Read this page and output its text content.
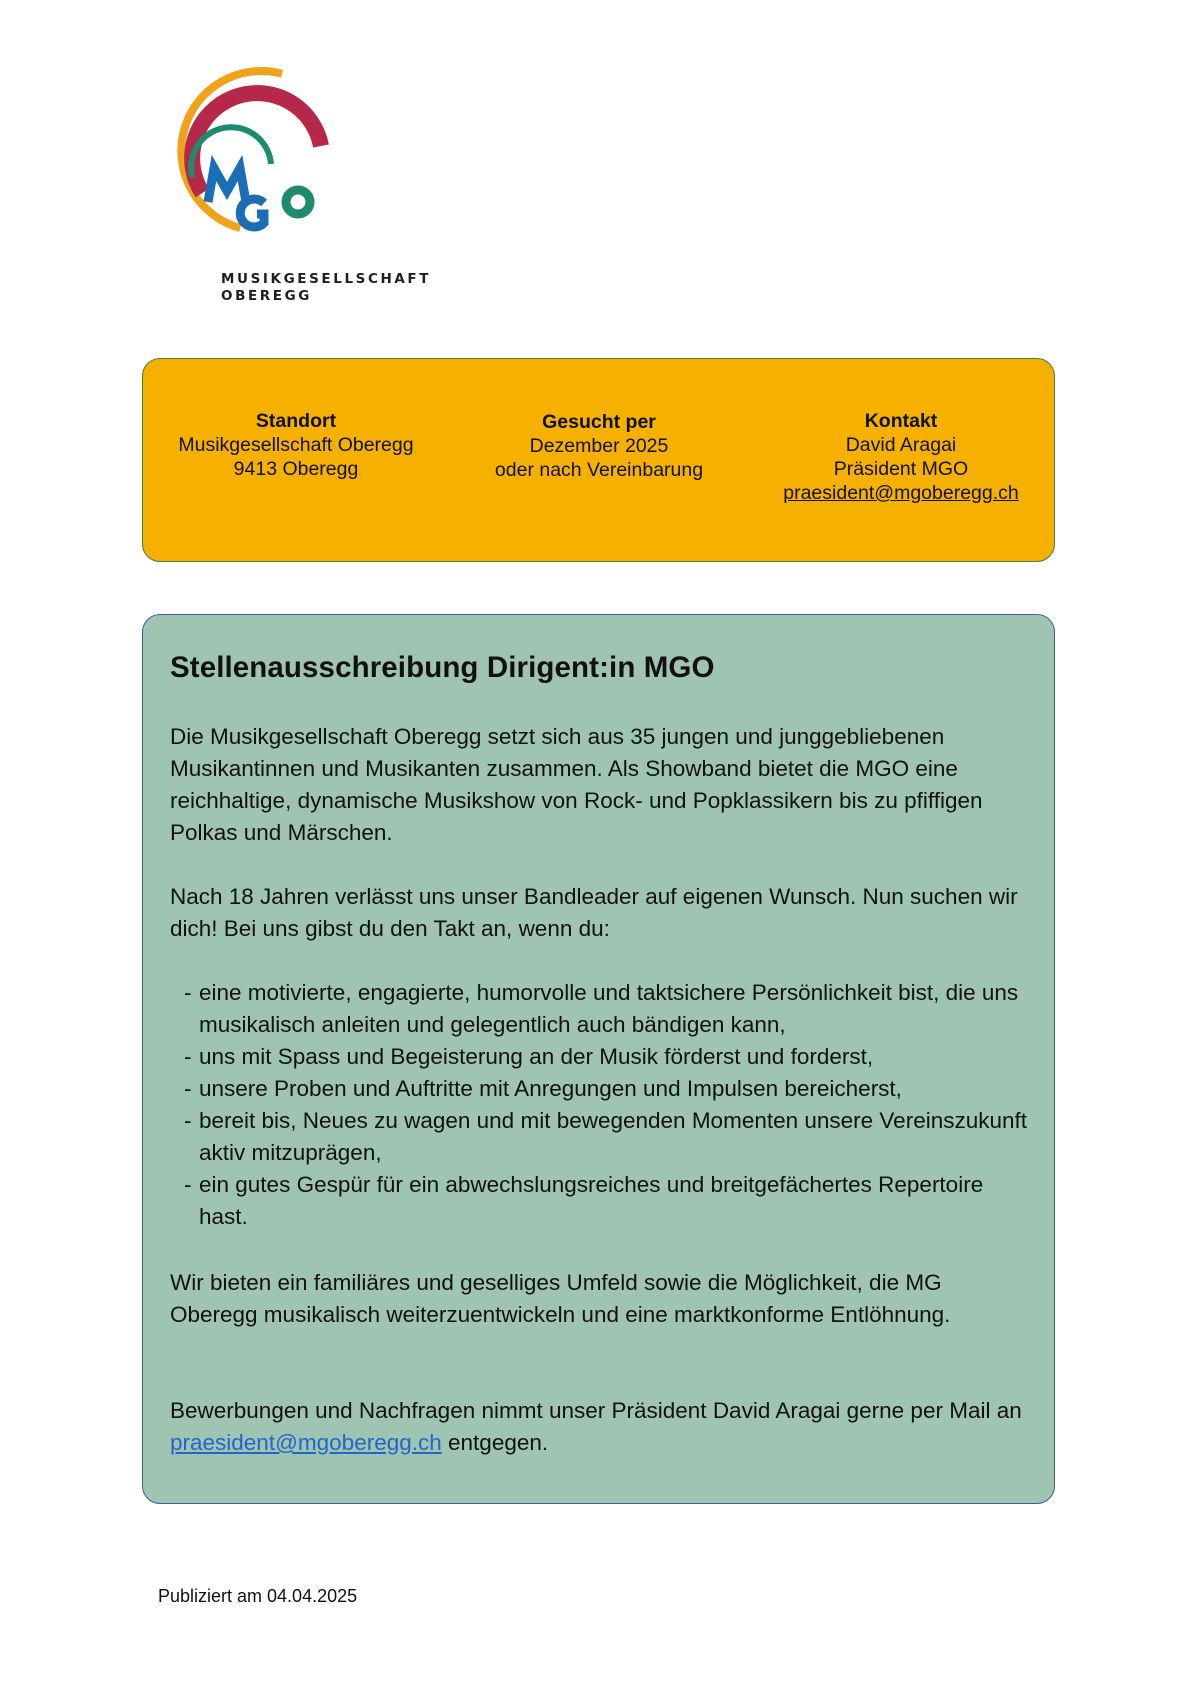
MUSIKGESELLSCHAFT
OBEREGG
Standort
Musikgesellschaft Oberegg
9413 Oberegg
Gesucht per
Dezember 2025
oder nach Vereinbarung
Kontakt
David Aragai
Präsident MGO
praesident@mgoberegg.ch
Stellenausschreibung Dirigent:in MGO

Die Musikgesellschaft Oberegg setzt sich aus 35 jungen und junggebliebenen Musikantinnen und Musikanten zusammen. Als Showband bietet die MGO eine reichhaltige, dynamische Musikshow von Rock- und Popklassikern bis zu pfiffigen Polkas und Märschen.

Nach 18 Jahren verlässt uns unser Bandleader auf eigenen Wunsch. Nun suchen wir dich! Bei uns gibst du den Takt an, wenn du:

- eine motivierte, engagierte, humorvolle und taktsichere Persönlichkeit bist, die uns musikalisch anleiten und gelegentlich auch bändigen kann,
- uns mit Spass und Begeisterung an der Musik förderst und forderst,
- unsere Proben und Auftritte mit Anregungen und Impulsen bereicherst,
- bereit bis, Neues zu wagen und mit bewegenden Momenten unsere Vereinszukunft aktiv mitzuprägen,
- ein gutes Gespür für ein abwechslungsreiches und breitgefächertes Repertoire hast.

Wir bieten ein familiäres und geselliges Umfeld sowie die Möglichkeit, die MG Oberegg musikalisch weiterzuentwickeln und eine marktkonforme Entlöhnung.

Bewerbungen und Nachfragen nimmt unser Präsident David Aragai gerne per Mail an praesident@mgoberegg.ch entgegen.

Publiziert am 04.04.2025
